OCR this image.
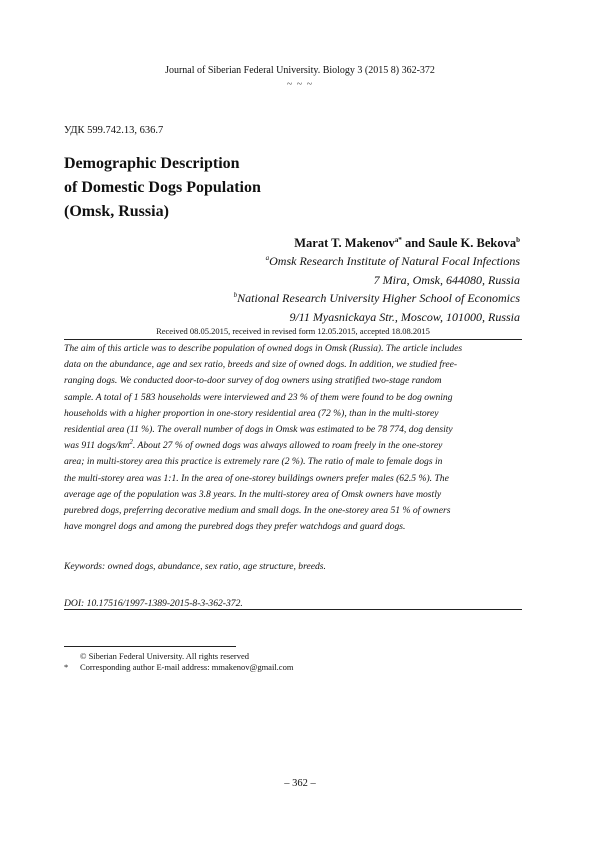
Journal of Siberian Federal University. Biology 3 (2015 8) 362-372
~ ~ ~
УДК 599.742.13, 636.7
Demographic Description
of Domestic Dogs Population
(Omsk, Russia)
Marat T. Makenov$^{a*}$ and Saule K. Bekova$^b$
$^a$Omsk Research Institute of Natural Focal Infections
7 Mira, Omsk, 644080, Russia
$^b$National Research University Higher School of Economics
9/11 Myasnickaya Str., Moscow, 101000, Russia
Received 08.05.2015, received in revised form 12.05.2015, accepted 18.08.2015
The aim of this article was to describe population of owned dogs in Omsk (Russia). The article includes
data on the abundance, age and sex ratio, breeds and size of owned dogs. In addition, we studied free-
ranging dogs. We conducted door-to-door survey of dog owners using stratified two-stage random
sample. A total of 1 583 households were interviewed and 23 % of them were found to be dog owning
households with a higher proportion in one-story residential area (72 %), than in the multi-storey
residential area (11 %). The overall number of dogs in Omsk was estimated to be 78 774, dog density
was 911 dogs/$km^2$. About 27 % of owned dogs was always allowed to roam freely in the one-storey
area; in multi-storey area this practice is extremely rare (2 %). The ratio of male to female dogs in
the multi-storey area was 1:1. In the area of one-storey buildings owners prefer males (62.5 %). The
average age of the population was 3.8 years. In the multi-storey area of Omsk owners have mostly
purebred dogs, preferring decorative medium and small dogs. In the one-storey area 51 % of owners
have mongrel dogs and among the purebred dogs they prefer watchdogs and guard dogs.
Keywords: owned dogs, abundance, sex ratio, age structure, breeds.
DOI: 10.17516/1997-1389-2015-8-3-362-372.
© Siberian Federal University. All rights reserved
* Corresponding author E-mail address: mmakenov@gmail.com
– 362 –
